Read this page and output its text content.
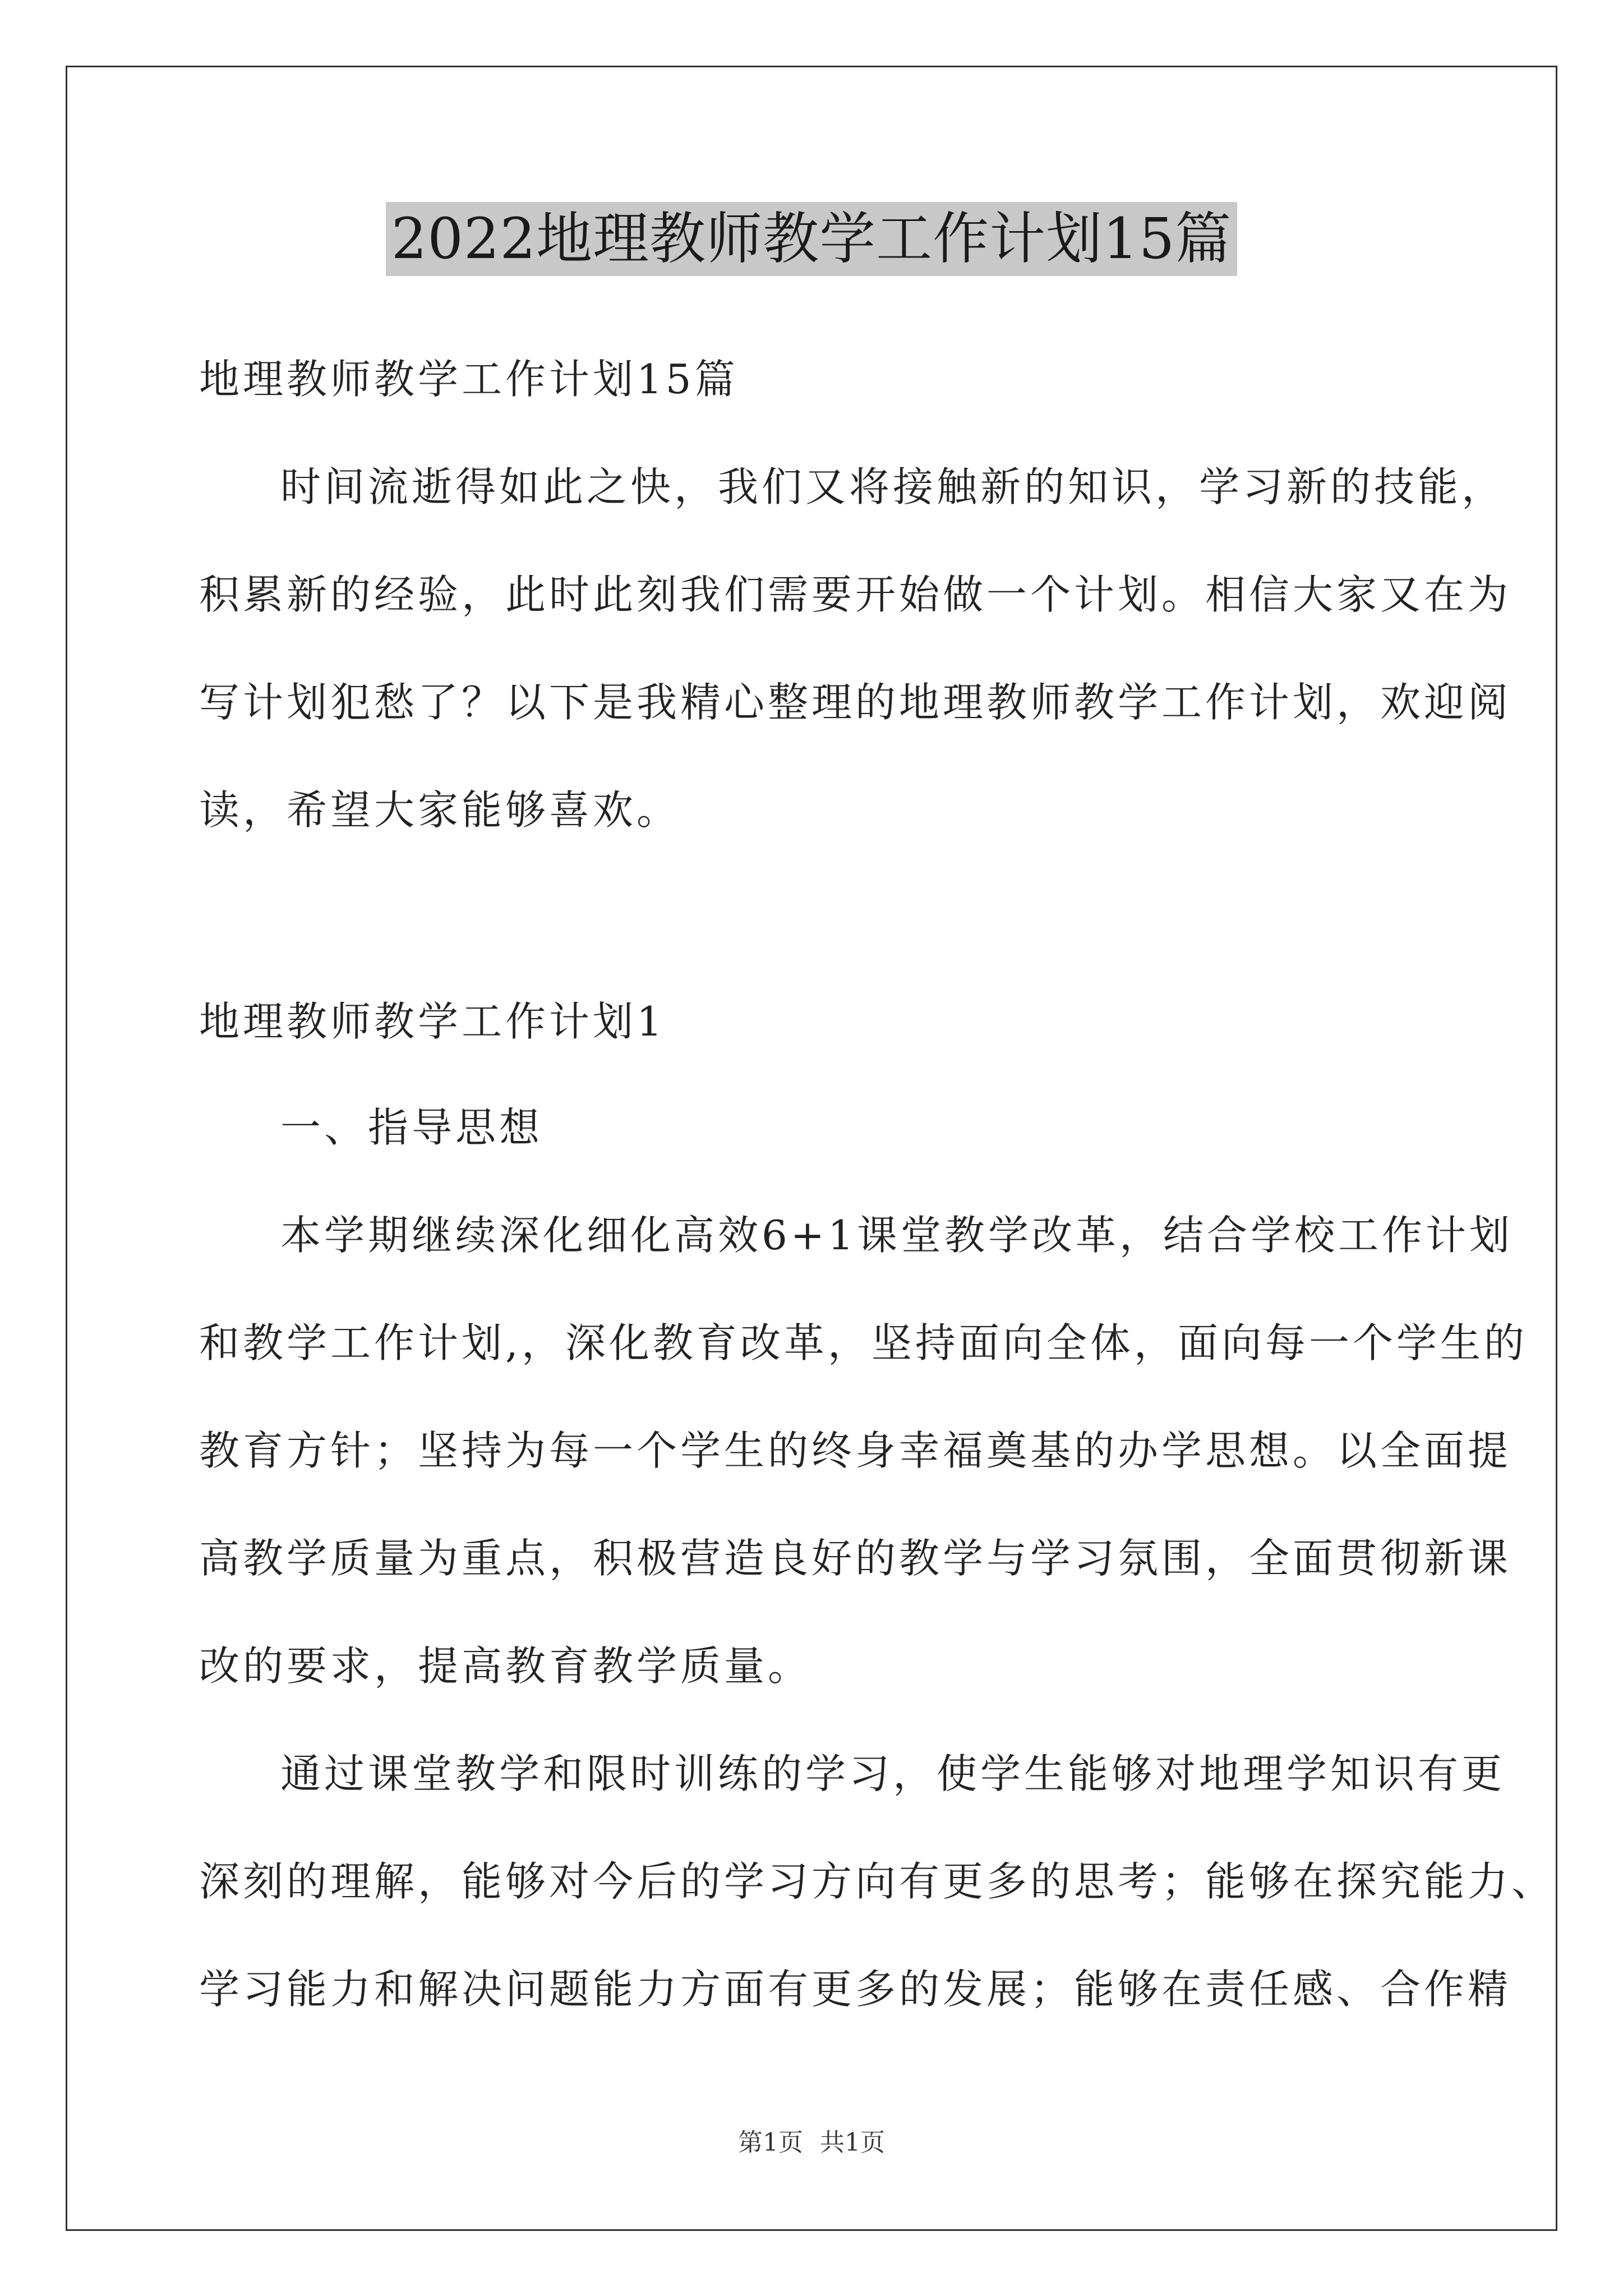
2022地理教师教学工作计划15篇
地理教师教学工作计划15篇
时间流逝得如此之快，我们又将接触新的知识，学习新的技能，
积累新的经验，此时此刻我们需要开始做一个计划。相信大家又在为
写计划犯愁了？以下是我精心整理的地理教师教学工作计划，欢迎阅
读，希望大家能够喜欢。
地理教师教学工作计划1
一、指导思想
本学期继续深化细化高效6+1课堂教学改革，结合学校工作计划
和教学工作计划,，深化教育改革，坚持面向全体，面向每一个学生的
教育方针；坚持为每一个学生的终身幸福奠基的办学思想。以全面提
高教学质量为重点，积极营造良好的教学与学习氛围，全面贯彻新课
改的要求，提高教育教学质量。
通过课堂教学和限时训练的学习，使学生能够对地理学知识有更
深刻的理解，能够对今后的学习方向有更多的思考；能够在探究能力、
学习能力和解决问题能力方面有更多的发展；能够在责任感、合作精
第1页 共1页
